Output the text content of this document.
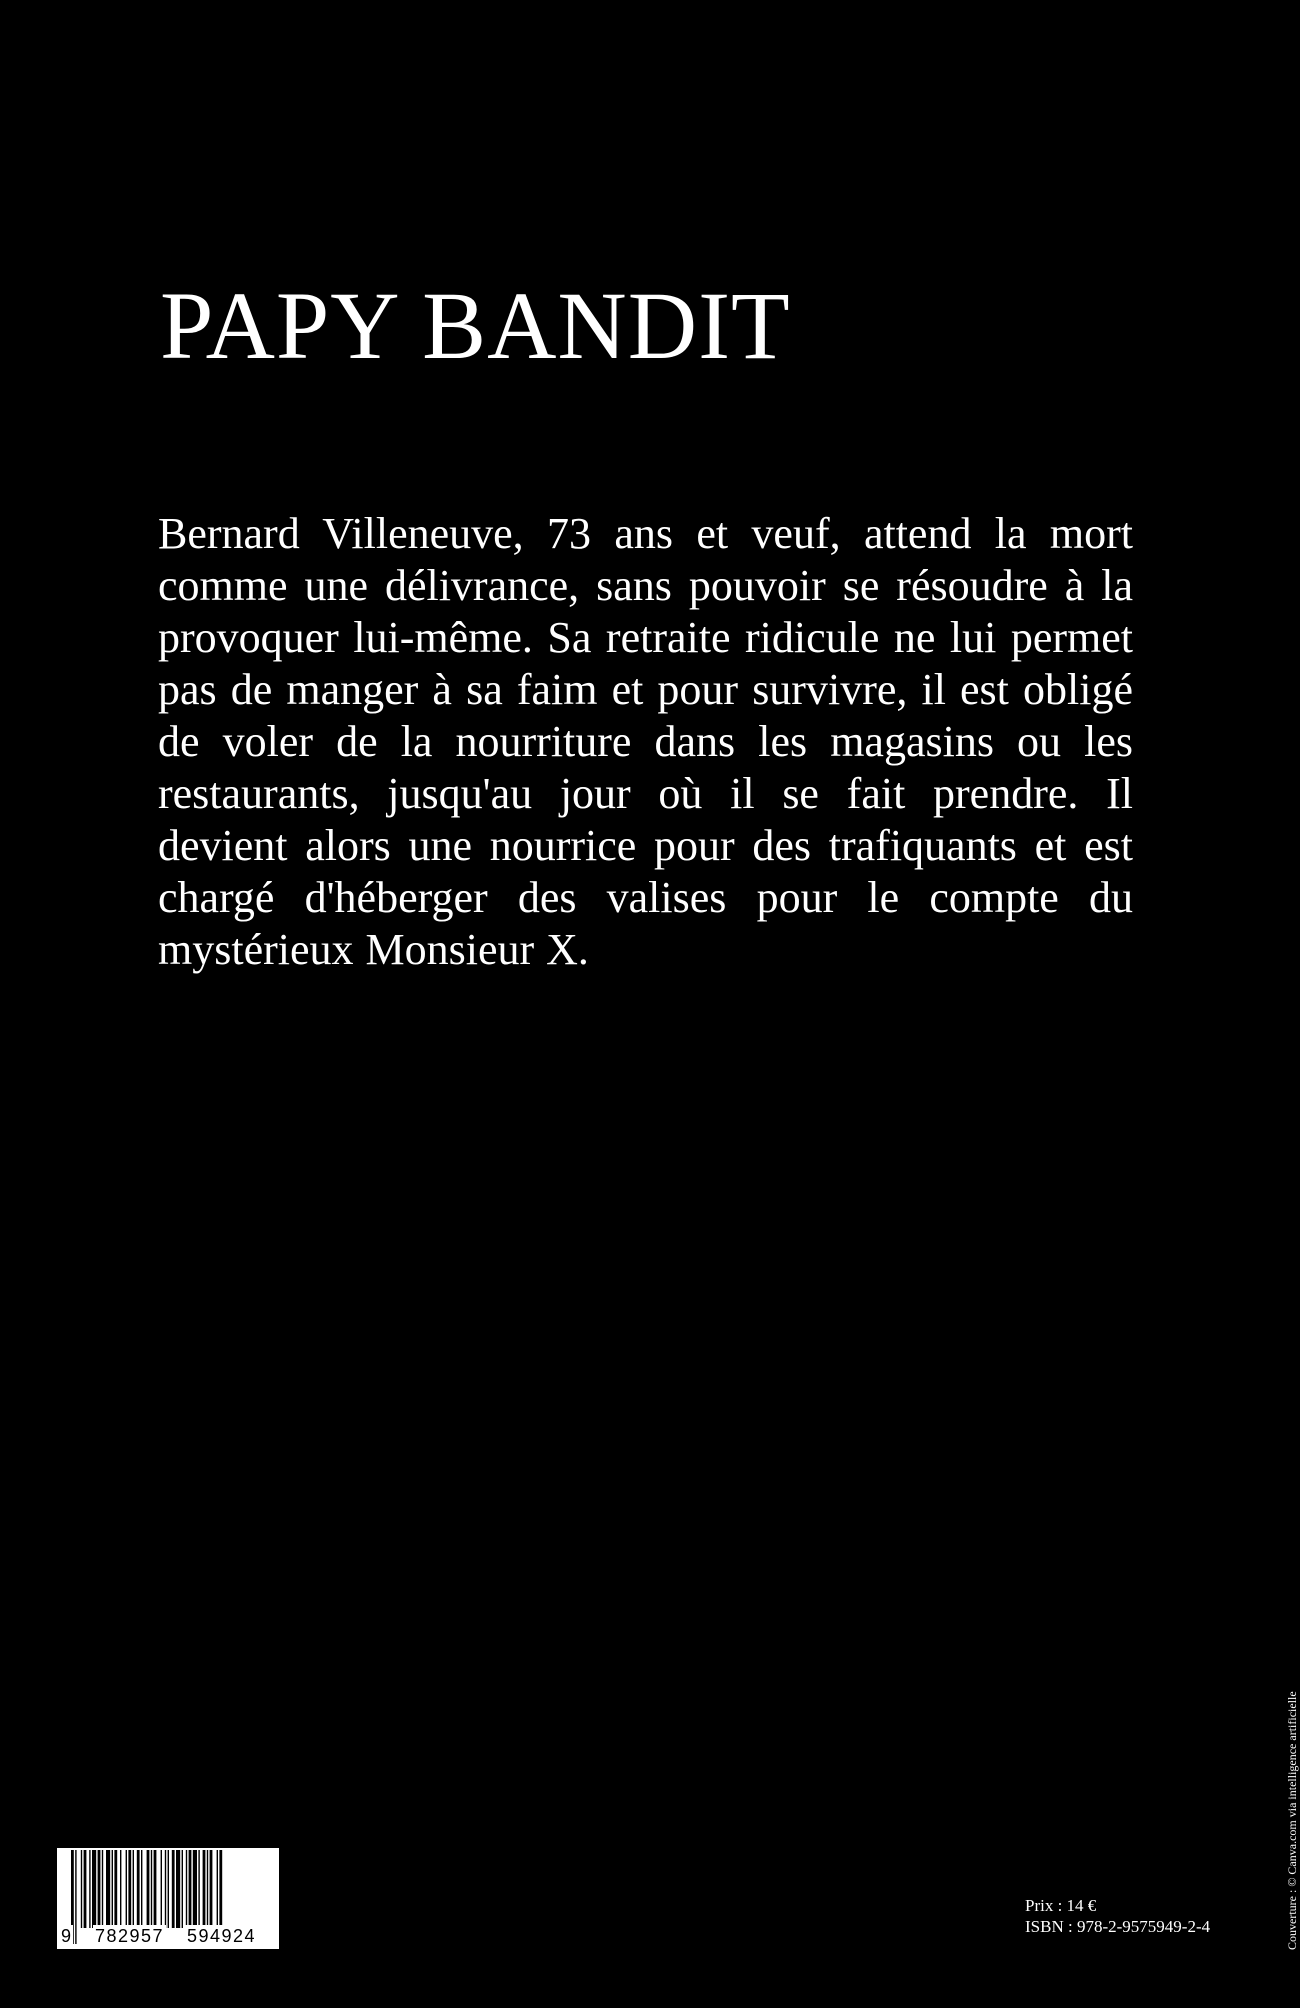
PAPY BANDIT
Bernard Villeneuve, 73 ans et veuf, attend la mort comme une délivrance, sans pouvoir se résoudre à la provoquer lui-même. Sa retraite ridicule ne lui permet pas de manger à sa faim et pour survivre, il est obligé de voler de la nourriture dans les magasins ou les restaurants, jusqu'au jour où il se fait prendre. Il devient alors une nourrice pour des trafiquants et est chargé d'héberger des valises pour le compte du mystérieux Monsieur X.
9 782957 594924
Prix : 14 €
ISBN : 978-2-9575949-2-4	Couverture : © Canva.com via intelligence artificielle
